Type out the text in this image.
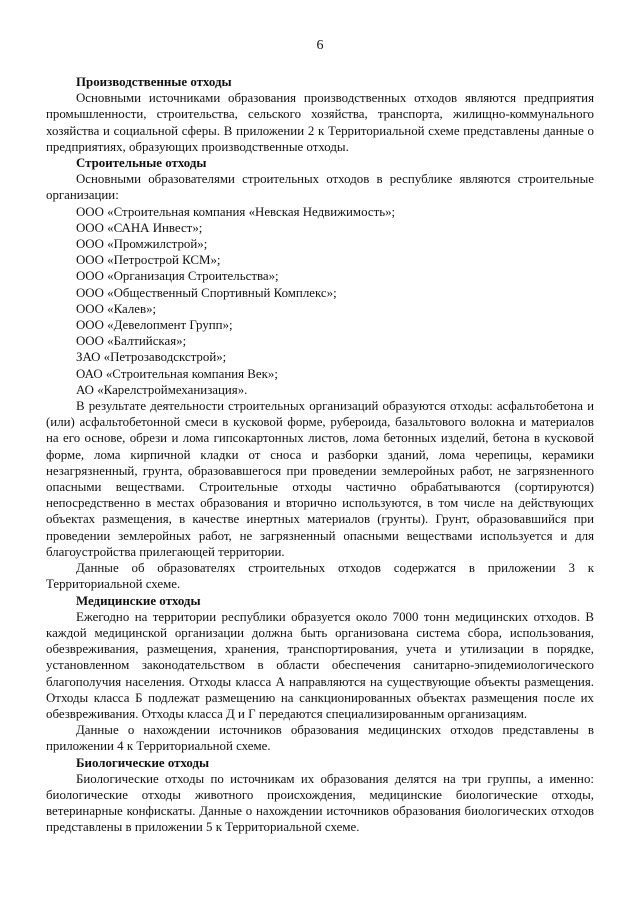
6

Производственные отходы

Основными источниками образования производственных отходов являются предприятия промышленности, строительства, сельского хозяйства, транспорта, жилищно-коммунального хозяйства и социальной сферы. В приложении 2 к Территориальной схеме представлены данные о предприятиях, образующих производственные отходы.

Строительные отходы

Основными образователями строительных отходов в республике являются строительные организации:

ООО «Строительная компания «Невская Недвижимость»;
ООО «САНА Инвест»;
ООО «Промжилстрой»;
ООО «Петрострой КСМ»;
ООО «Организация Строительства»;
ООО «Общественный Спортивный Комплекс»;
ООО «Калев»;
ООО «Девелопмент Групп»;
ООО «Балтийская»;
ЗАО «Петрозаводскстрой»;
ОАО «Строительная компания Век»;
АО «Карелстроймеханизация».

В результате деятельности строительных организаций образуются отходы: асфальтобетона и (или) асфальтобетонной смеси в кусковой форме, рубероида, базальтового волокна и материалов на его основе, обрези и лома гипсокартонных листов, лома бетонных изделий, бетона в кусковой форме, лома кирпичной кладки от сноса и разборки зданий, лома черепицы, керамики незагрязненный, грунта, образовавшегося при проведении землеройных работ, не загрязненного опасными веществами. Строительные отходы частично обрабатываются (сортируются) непосредственно в местах образования и вторично используются, в том числе на действующих объектах размещения, в качестве инертных материалов (грунты). Грунт, образовавшийся при проведении землеройных работ, не загрязненный опасными веществами используется и для благоустройства прилегающей территории.

Данные об образователях строительных отходов содержатся в приложении 3 к Территориальной схеме.

Медицинские отходы

Ежегодно на территории республики образуется около 7000 тонн медицинских отходов. В каждой медицинской организации должна быть организована система сбора, использования, обезвреживания, размещения, хранения, транспортирования, учета и утилизации в порядке, установленном законодательством в области обеспечения санитарно-эпидемиологического благополучия населения. Отходы класса А направляются на существующие объекты размещения. Отходы класса Б подлежат размещению на санкционированных объектах размещения после их обезвреживания. Отходы класса Д и Г передаются специализированным организациям.

Данные о нахождении источников образования медицинских отходов представлены в приложении 4 к Территориальной схеме.

Биологические отходы

Биологические отходы по источникам их образования делятся на три группы, а именно: биологические отходы животного происхождения, медицинские биологические отходы, ветеринарные конфискаты. Данные о нахождении источников образования биологических отходов представлены в приложении 5 к Территориальной схеме.
